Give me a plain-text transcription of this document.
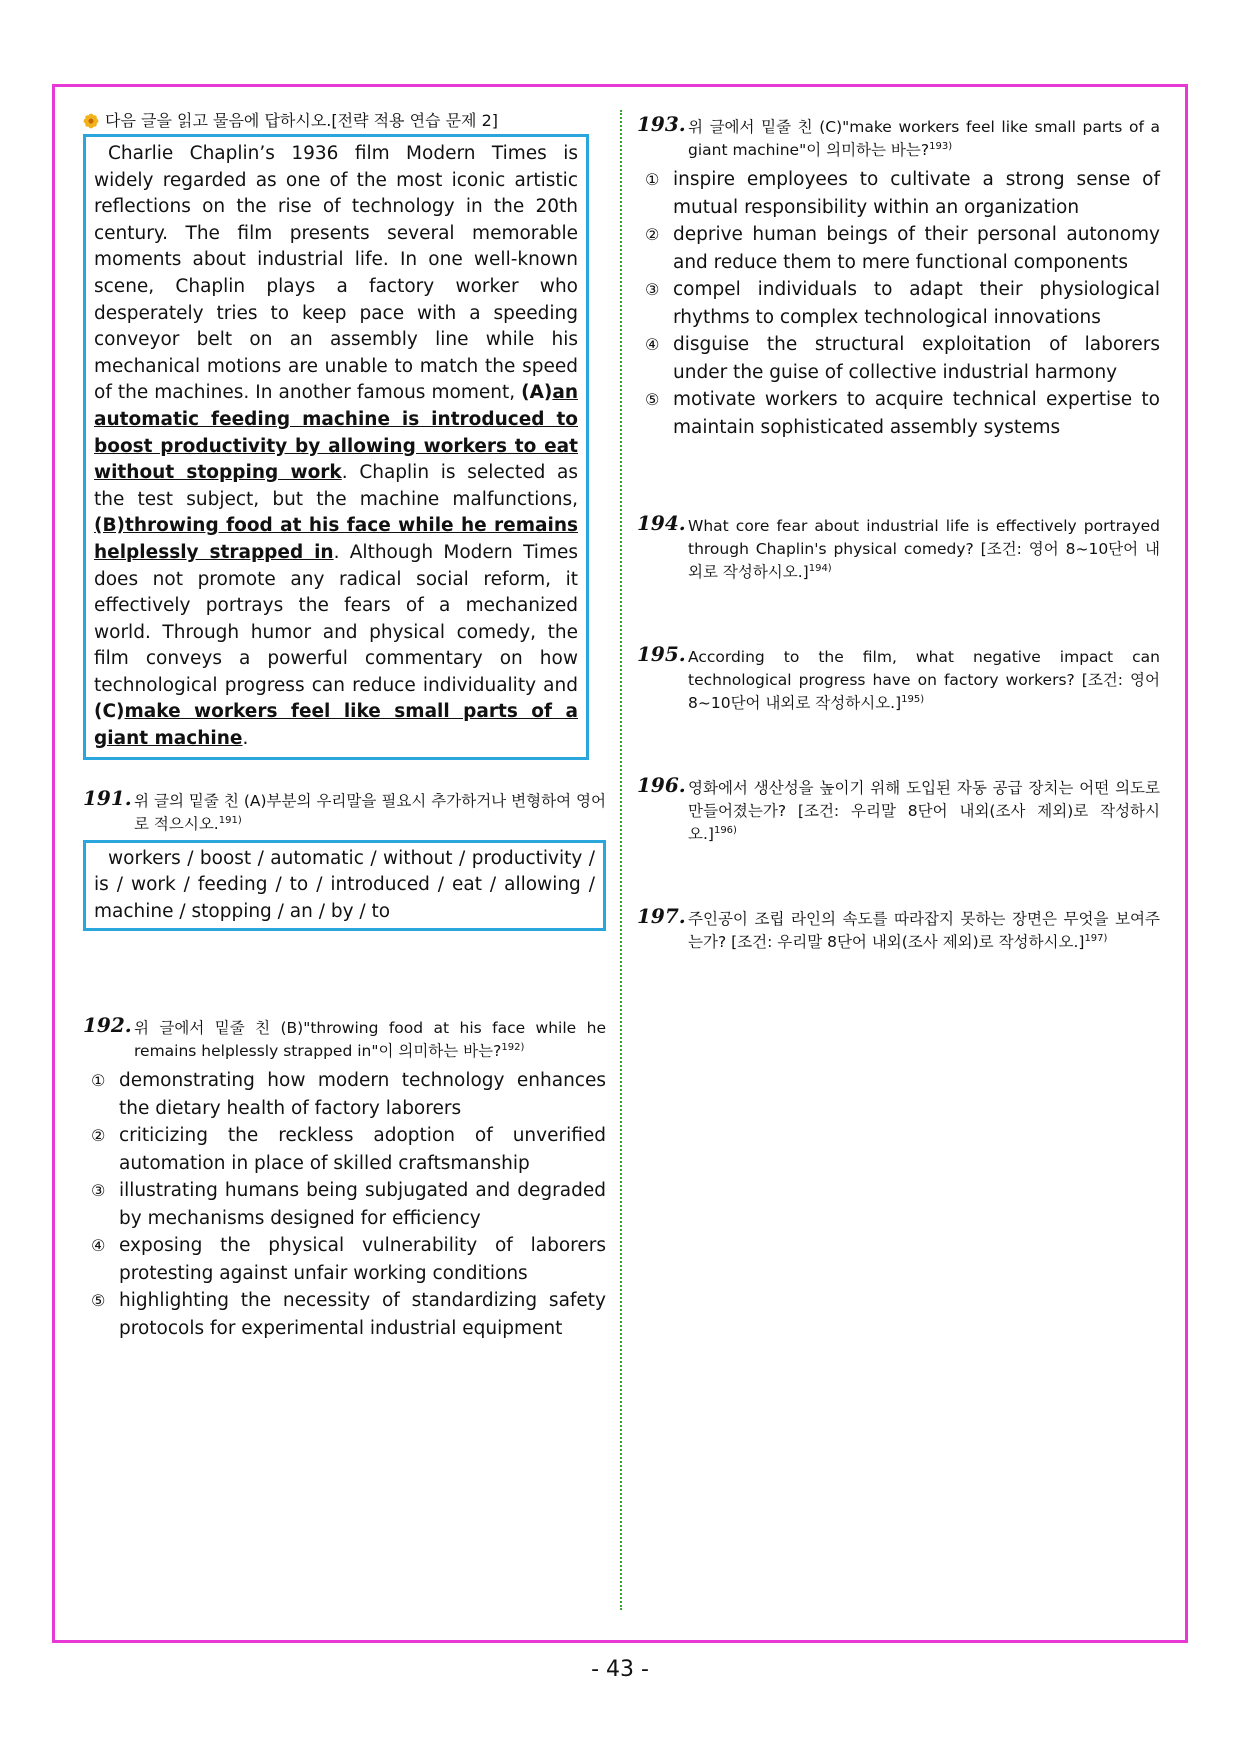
다음 글을 읽고 물음에 답하시오.[전략 적용 연습 문제 2]

Charlie Chaplin’s 1936 film Modern Times is widely regarded as one of the most iconic artistic reflections on the rise of technology in the 20th century. The film presents several memorable moments about industrial life. In one well-known scene, Chaplin plays a factory worker who desperately tries to keep pace with a speeding conveyor belt on an assembly line while his mechanical motions are unable to match the speed of the machines. In another famous moment, (A)an automatic feeding machine is introduced to boost productivity by allowing workers to eat without stopping work. Chaplin is selected as the test subject, but the machine malfunctions, (B)throwing food at his face while he remains helplessly strapped in. Although Modern Times does not promote any radical social reform, it effectively portrays the fears of a mechanized world. Through humor and physical comedy, the film conveys a powerful commentary on how technological progress can reduce individuality and (C)make workers feel like small parts of a giant machine.

191. 위 글의 밑줄 친 (A)부분의 우리말을 필요시 추가하거나 변형하여 영어로 적으시오.$^{191)}$

workers / boost / automatic / without / productivity / is / work / feeding / to / introduced / eat / allowing / machine / stopping / an / by / to

192. 위 글에서 밑줄 친 (B)"throwing food at his face while he remains helplessly strapped in"이 의미하는 바는?$^{192)}$
① demonstrating how modern technology enhances the dietary health of factory laborers
② criticizing the reckless adoption of unverified automation in place of skilled craftsmanship
③ illustrating humans being subjugated and degraded by mechanisms designed for efficiency
④ exposing the physical vulnerability of laborers protesting against unfair working conditions
⑤ highlighting the necessity of standardizing safety protocols for experimental industrial equipment
193. 위 글에서 밑줄 친 (C)"make workers feel like small parts of a giant machine"이 의미하는 바는?$^{193)}$
① inspire employees to cultivate a strong sense of mutual responsibility within an organization
② deprive human beings of their personal autonomy and reduce them to mere functional components
③ compel individuals to adapt their physiological rhythms to complex technological innovations
④ disguise the structural exploitation of laborers under the guise of collective industrial harmony
⑤ motivate workers to acquire technical expertise to maintain sophisticated assembly systems
194. What core fear about industrial life is effectively portrayed through Chaplin's physical comedy? [조건: 영어 8~10단어 내외로 작성하시오.]$^{194)}$
195. According to the film, what negative impact can technological progress have on factory workers? [조건: 영어 8~10단어 내외로 작성하시오.]$^{195)}$
196. 영화에서 생산성을 높이기 위해 도입된 자동 공급 장치는 어떤 의도로 만들어졌는가? [조건: 우리말 8단어 내외(조사 제외)로 작성하시오.]$^{196)}$
197. 주인공이 조립 라인의 속도를 따라잡지 못하는 장면은 무엇을 보여주는가? [조건: 우리말 8단어 내외(조사 제외)로 작성하시오.]$^{197)}$
- 43 -
